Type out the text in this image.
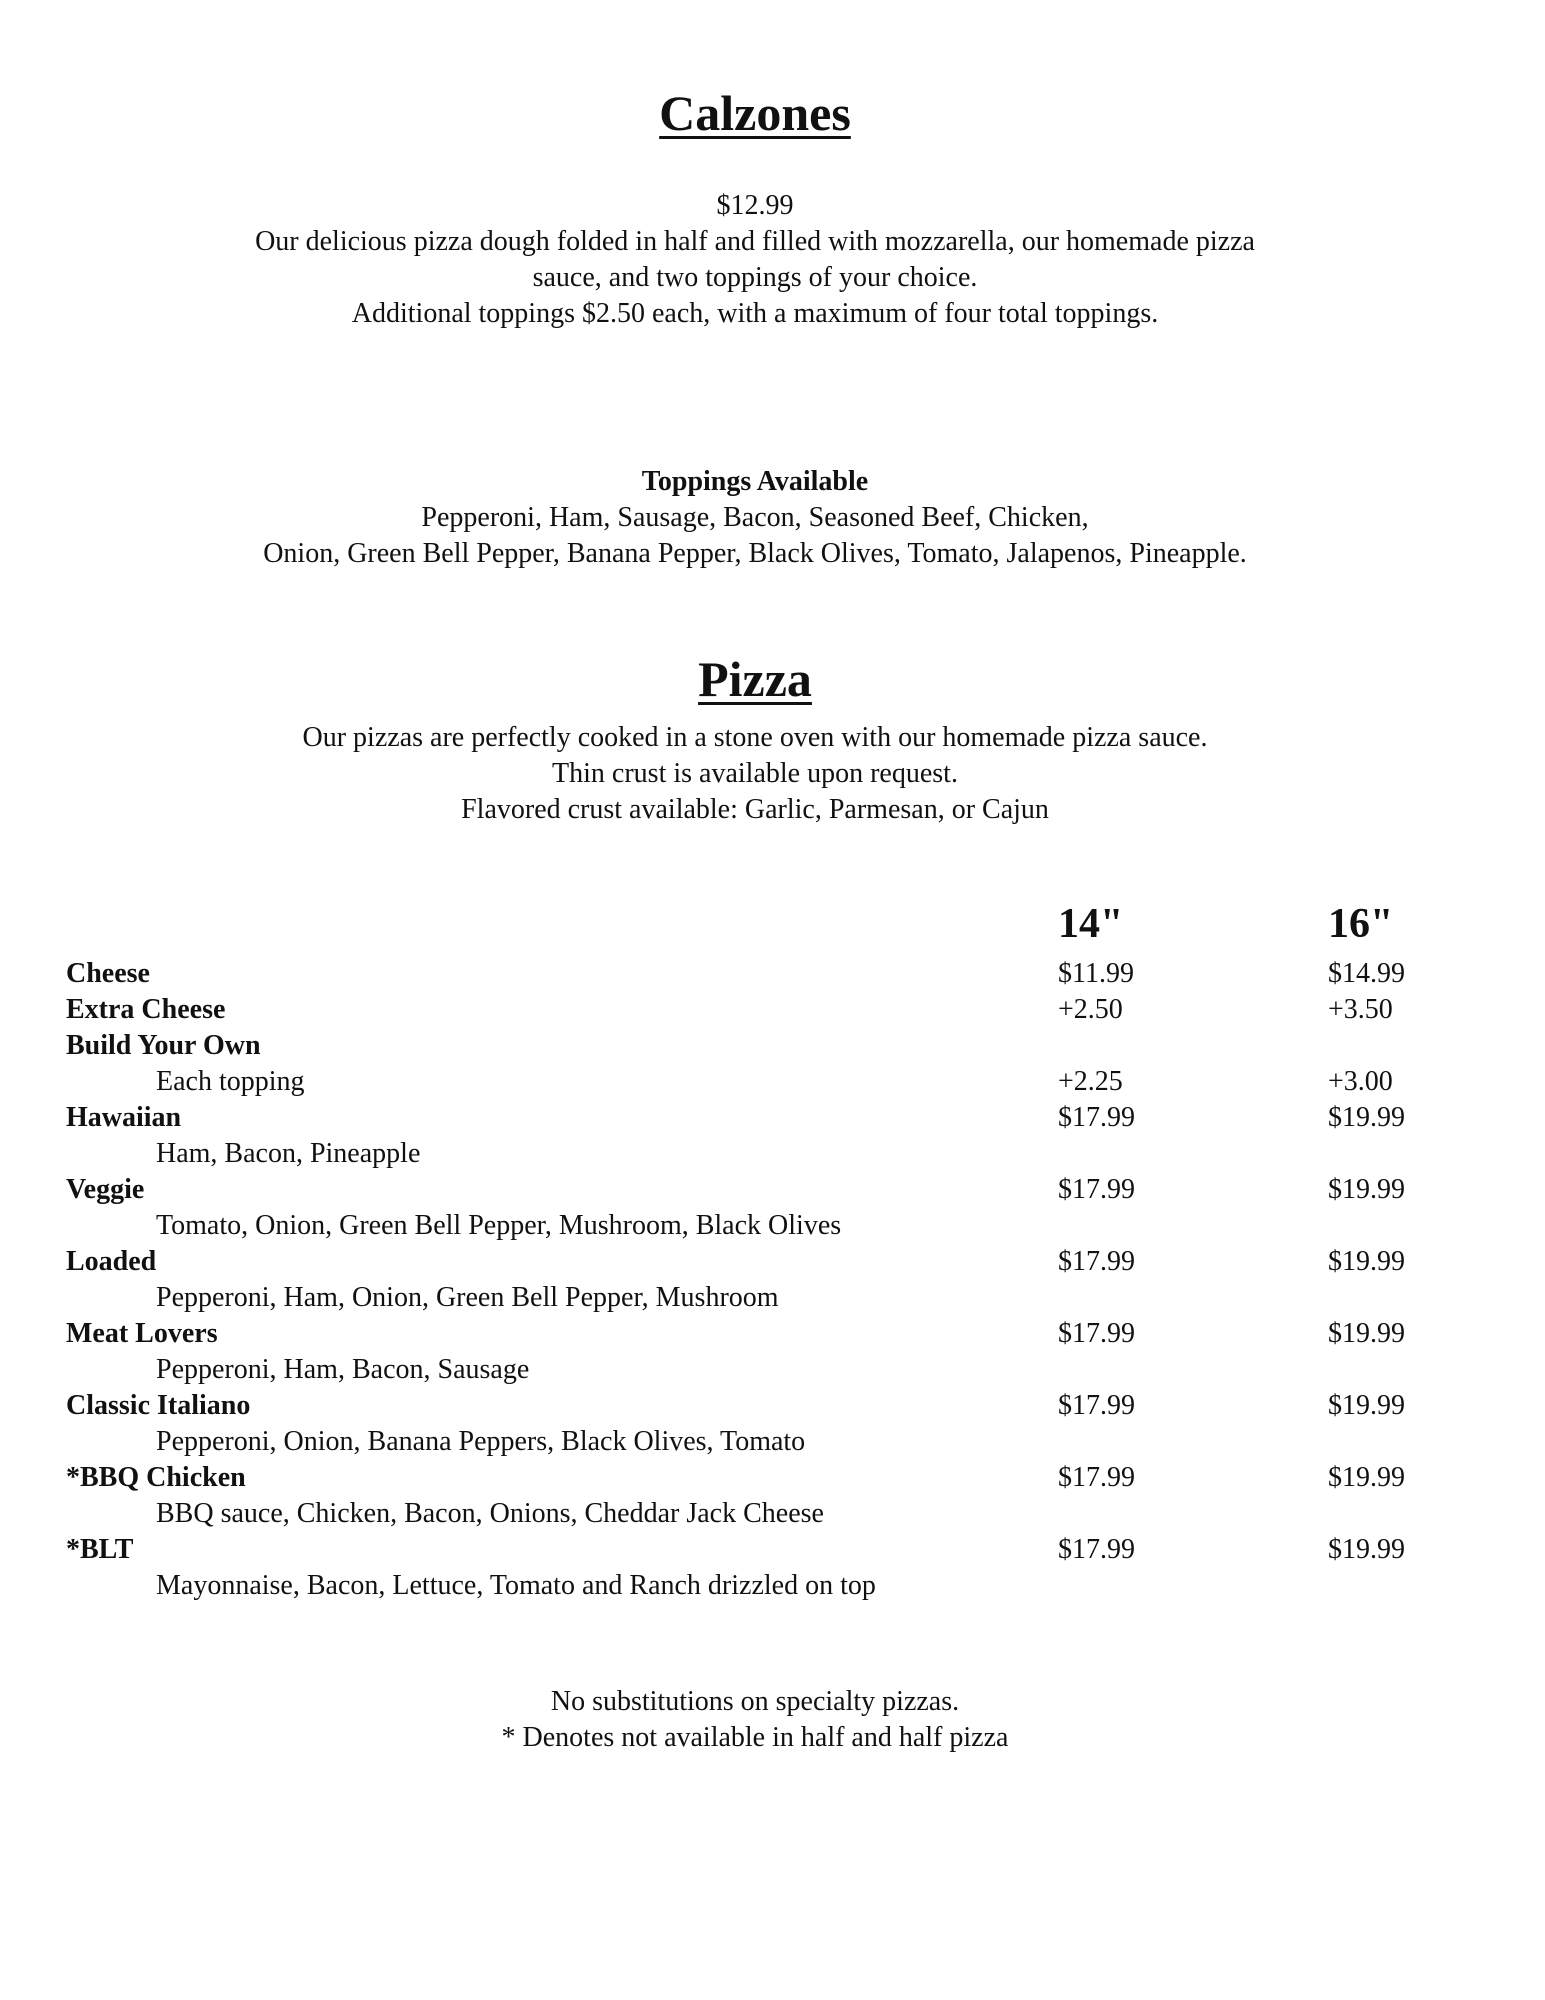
Calzones
$12.99
Our delicious pizza dough folded in half and filled with mozzarella, our homemade pizza
sauce, and two toppings of your choice.
Additional toppings $2.50 each, with a maximum of four total toppings.
Toppings Available
Pepperoni, Ham, Sausage, Bacon, Seasoned Beef, Chicken,
Onion, Green Bell Pepper, Banana Pepper, Black Olives, Tomato, Jalapenos, Pineapple.
Pizza
Our pizzas are perfectly cooked in a stone oven with our homemade pizza sauce.
Thin crust is available upon request.
Flavored crust available: Garlic, Parmesan, or Cajun
14"	16"
Cheese	$11.99	$14.99
Extra Cheese	+2.50	+3.50
Build Your Own
Each topping	+2.25	+3.00
Hawaiian	$17.99	$19.99
Ham, Bacon, Pineapple
Veggie	$17.99	$19.99
Tomato, Onion, Green Bell Pepper, Mushroom, Black Olives
Loaded	$17.99	$19.99
Pepperoni, Ham, Onion, Green Bell Pepper, Mushroom
Meat Lovers	$17.99	$19.99
Pepperoni, Ham, Bacon, Sausage
Classic Italiano	$17.99	$19.99
Pepperoni, Onion, Banana Peppers, Black Olives, Tomato
*BBQ Chicken	$17.99	$19.99
BBQ sauce, Chicken, Bacon, Onions, Cheddar Jack Cheese
*BLT	$17.99	$19.99
Mayonnaise, Bacon, Lettuce, Tomato and Ranch drizzled on top
No substitutions on specialty pizzas.
* Denotes not available in half and half pizza
